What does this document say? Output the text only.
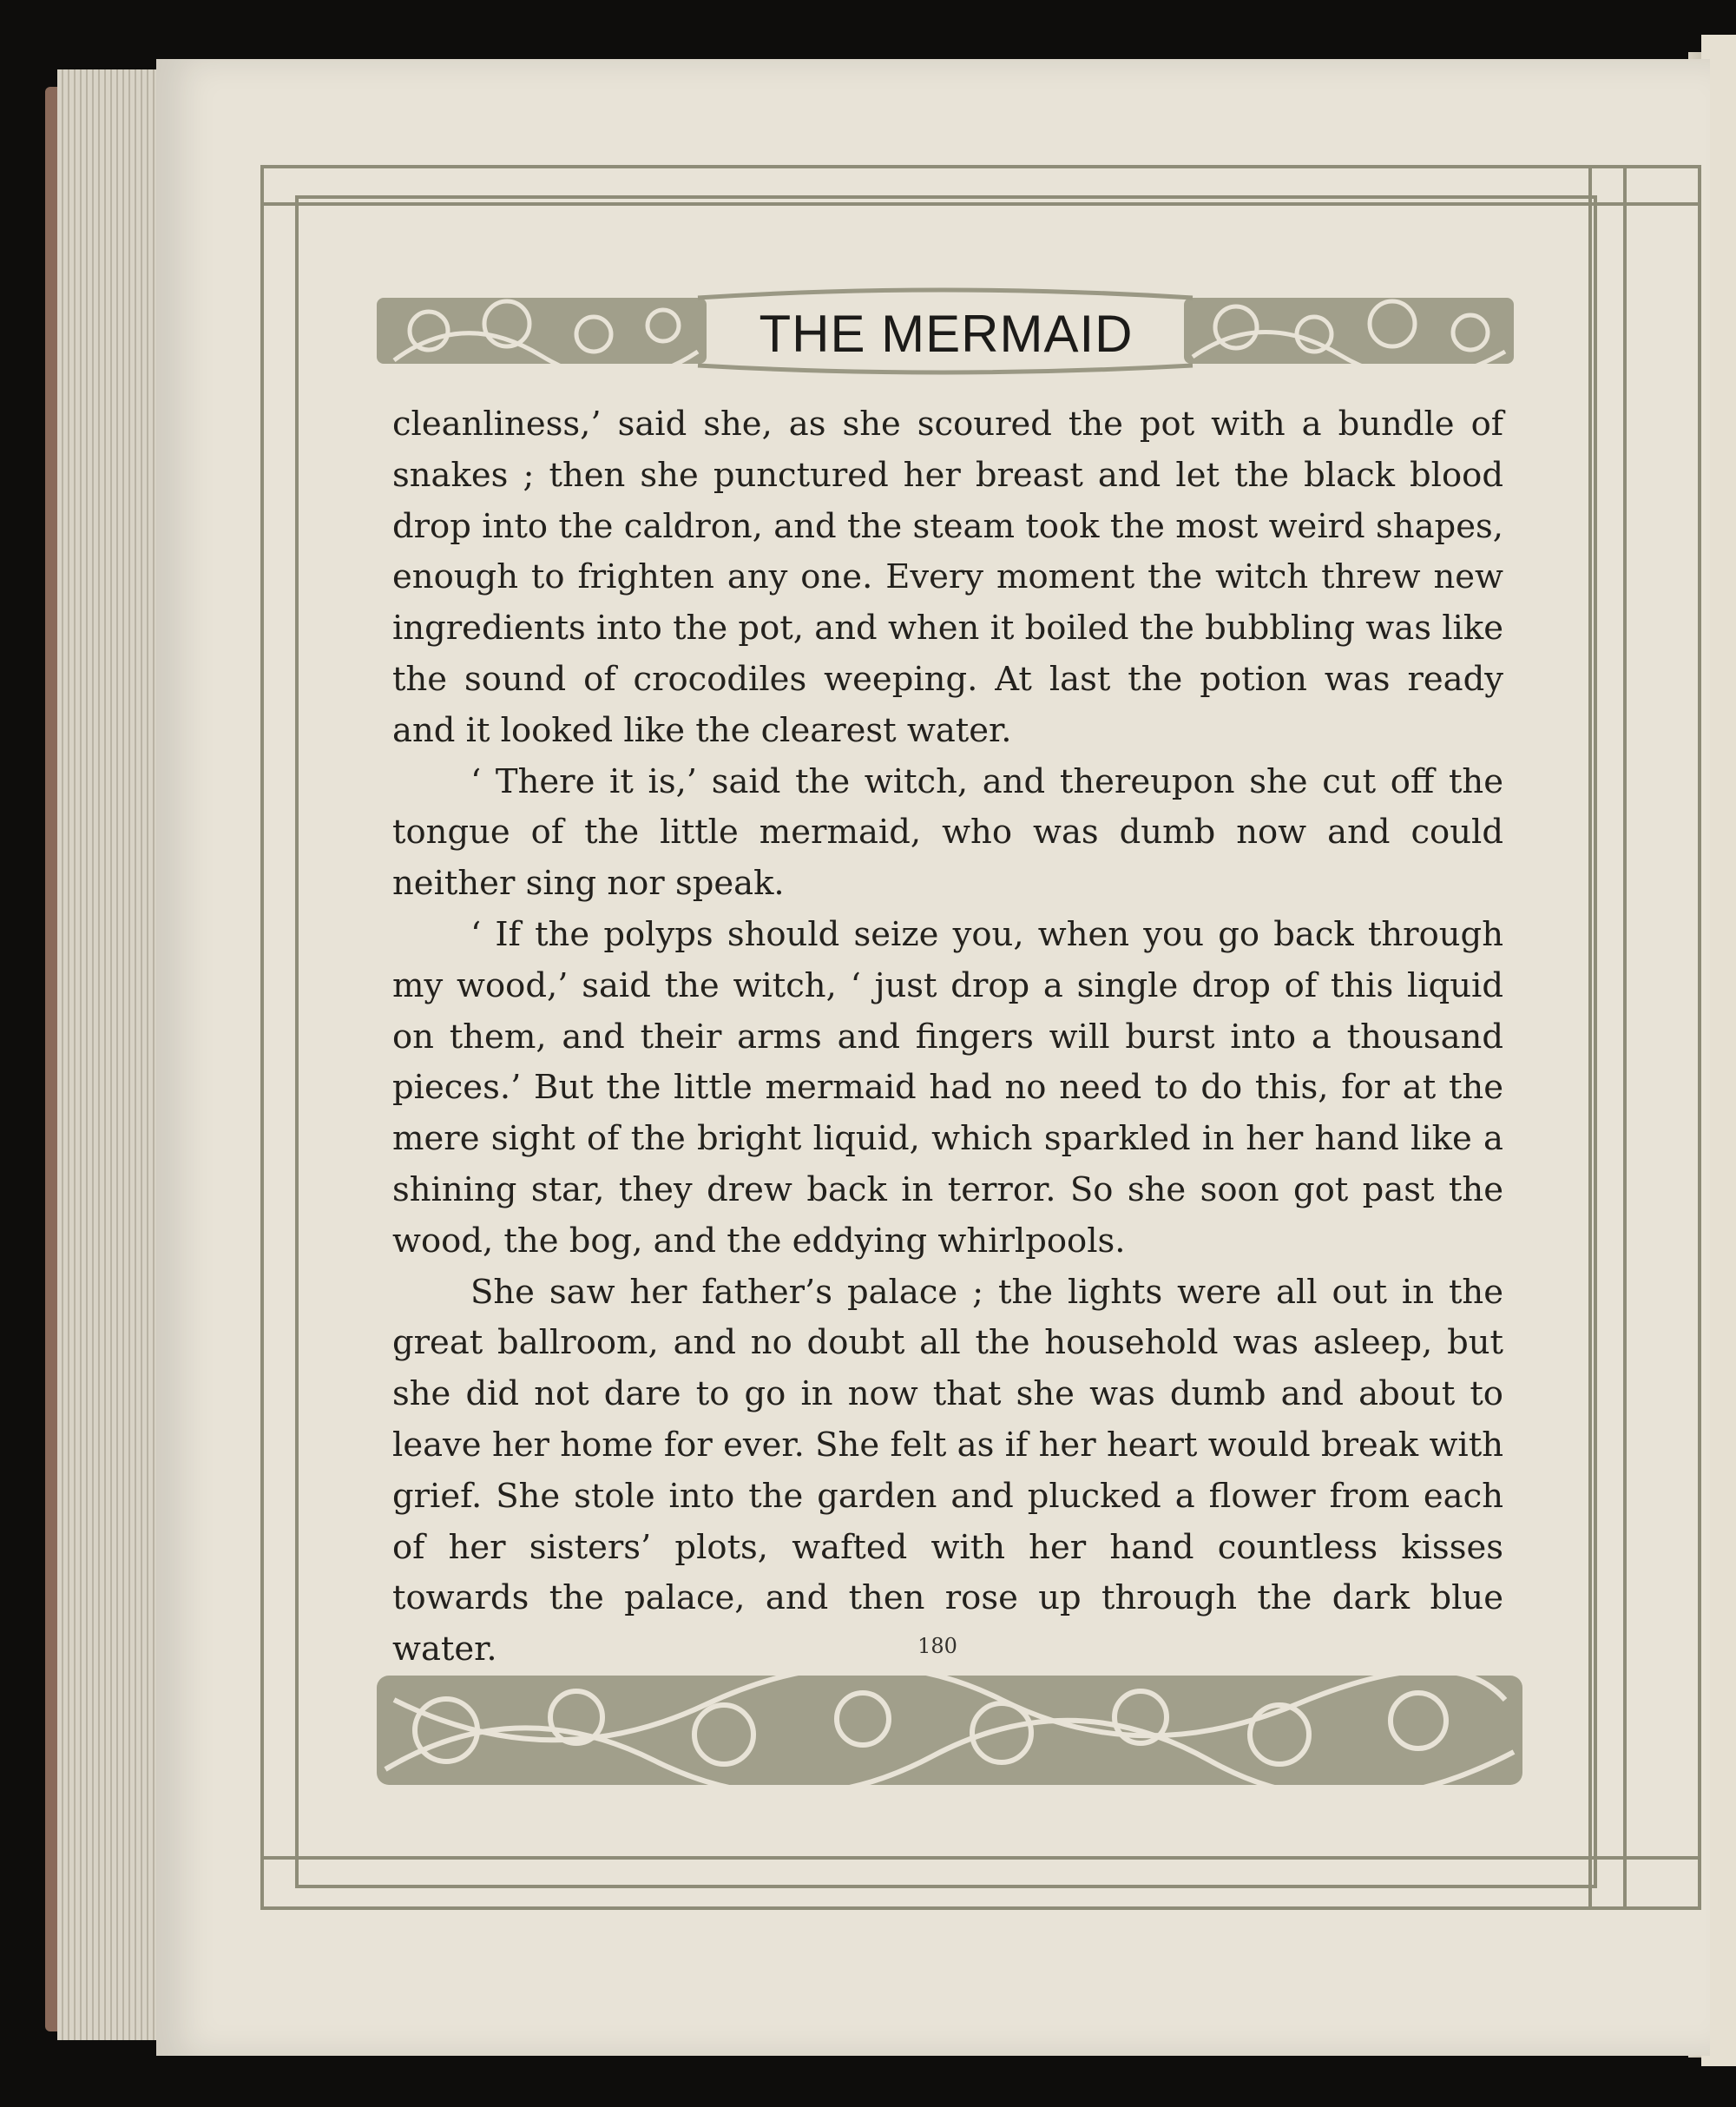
THE MERMAID

cleanliness,’ said she, as she scoured the pot with a bundle of snakes ; then she punctured her breast and let the black blood drop into the caldron, and the steam took the most weird shapes, enough to frighten any one. Every moment the witch threw new ingredients into the pot, and when it boiled the bubbling was like the sound of crocodiles weeping. At last the potion was ready and it looked like the clearest water.

‘ There it is,’ said the witch, and thereupon she cut off the tongue of the little mermaid, who was dumb now and could neither sing nor speak.

‘ If the polyps should seize you, when you go back through my wood,’ said the witch, ‘ just drop a single drop of this liquid on them, and their arms and fingers will burst into a thousand pieces.’ But the little mermaid had no need to do this, for at the mere sight of the bright liquid, which sparkled in her hand like a shining star, they drew back in terror. So she soon got past the wood, the bog, and the eddying whirlpools.

She saw her father’s palace ; the lights were all out in the great ballroom, and no doubt all the household was asleep, but she did not dare to go in now that she was dumb and about to leave her home for ever. She felt as if her heart would break with grief. She stole into the garden and plucked a flower from each of her sisters’ plots, wafted with her hand countless kisses towards the palace, and then rose up through the dark blue water.	180
